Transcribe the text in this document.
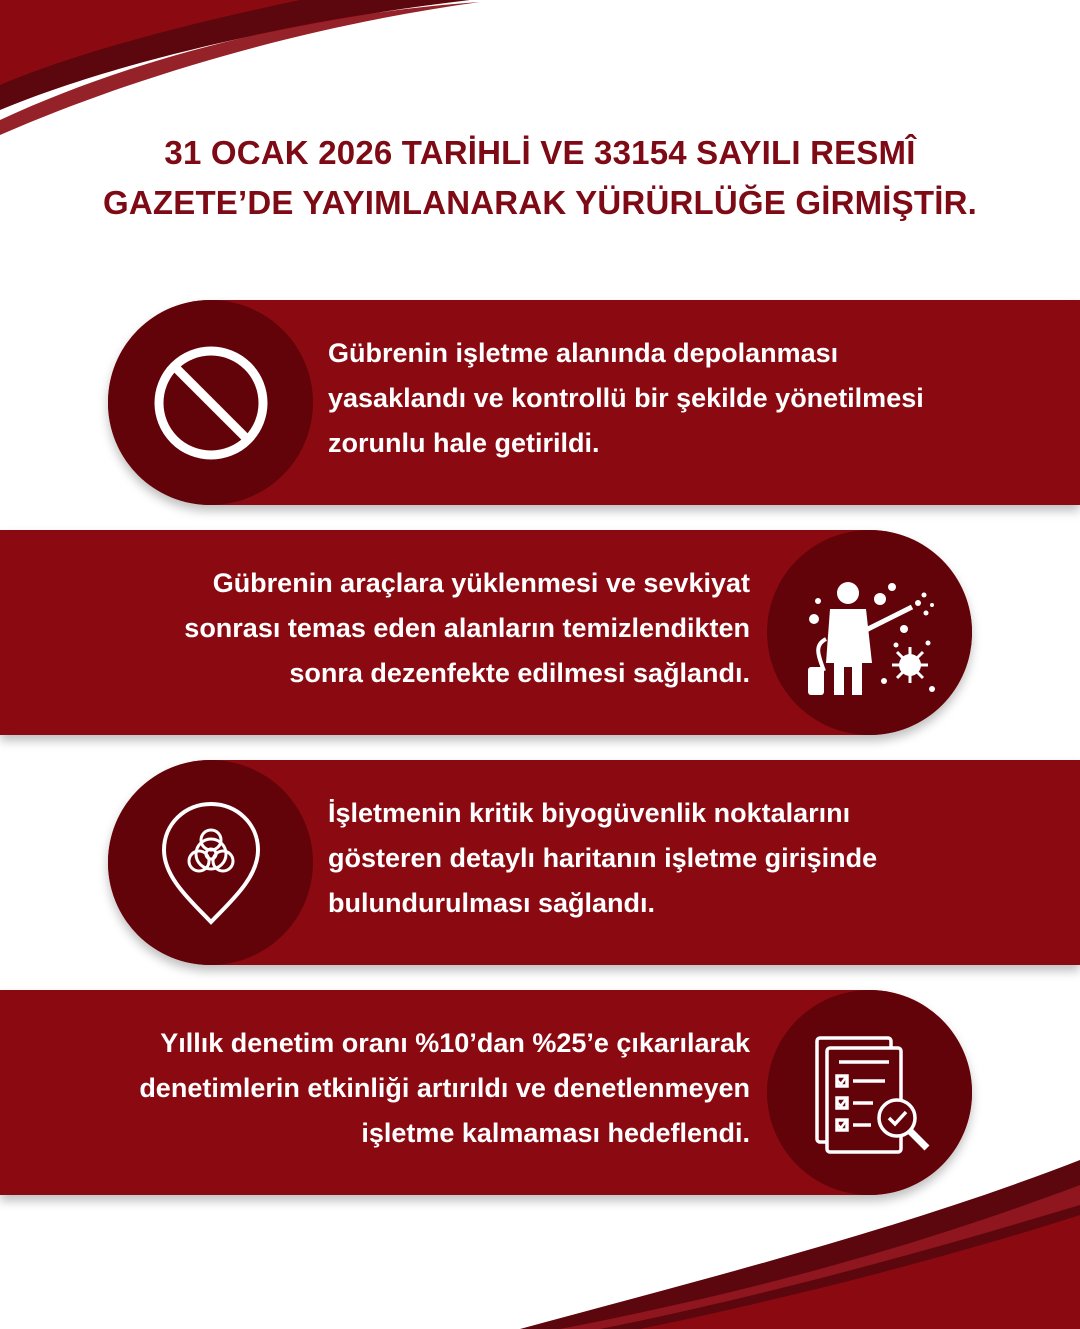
31 OCAK 2026 TARİHLİ VE 33154 SAYILI RESMÎ
GAZETE’DE YAYIMLANARAK YÜRÜRLÜĞE GİRMİŞTİR.
Gübrenin işletme alanında depolanması
yasaklandı ve kontrollü bir şekilde yönetilmesi
zorunlu hale getirildi.
Gübrenin araçlara yüklenmesi ve sevkiyat
sonrası temas eden alanların temizlendikten
sonra dezenfekte edilmesi sağlandı.
İşletmenin kritik biyogüvenlik noktalarını
gösteren detaylı haritanın işletme girişinde
bulundurulması sağlandı.
Yıllık denetim oranı %10’dan %25’e çıkarılarak
denetimlerin etkinliği artırıldı ve denetlenmeyen
işletme kalmaması hedeflendi.
